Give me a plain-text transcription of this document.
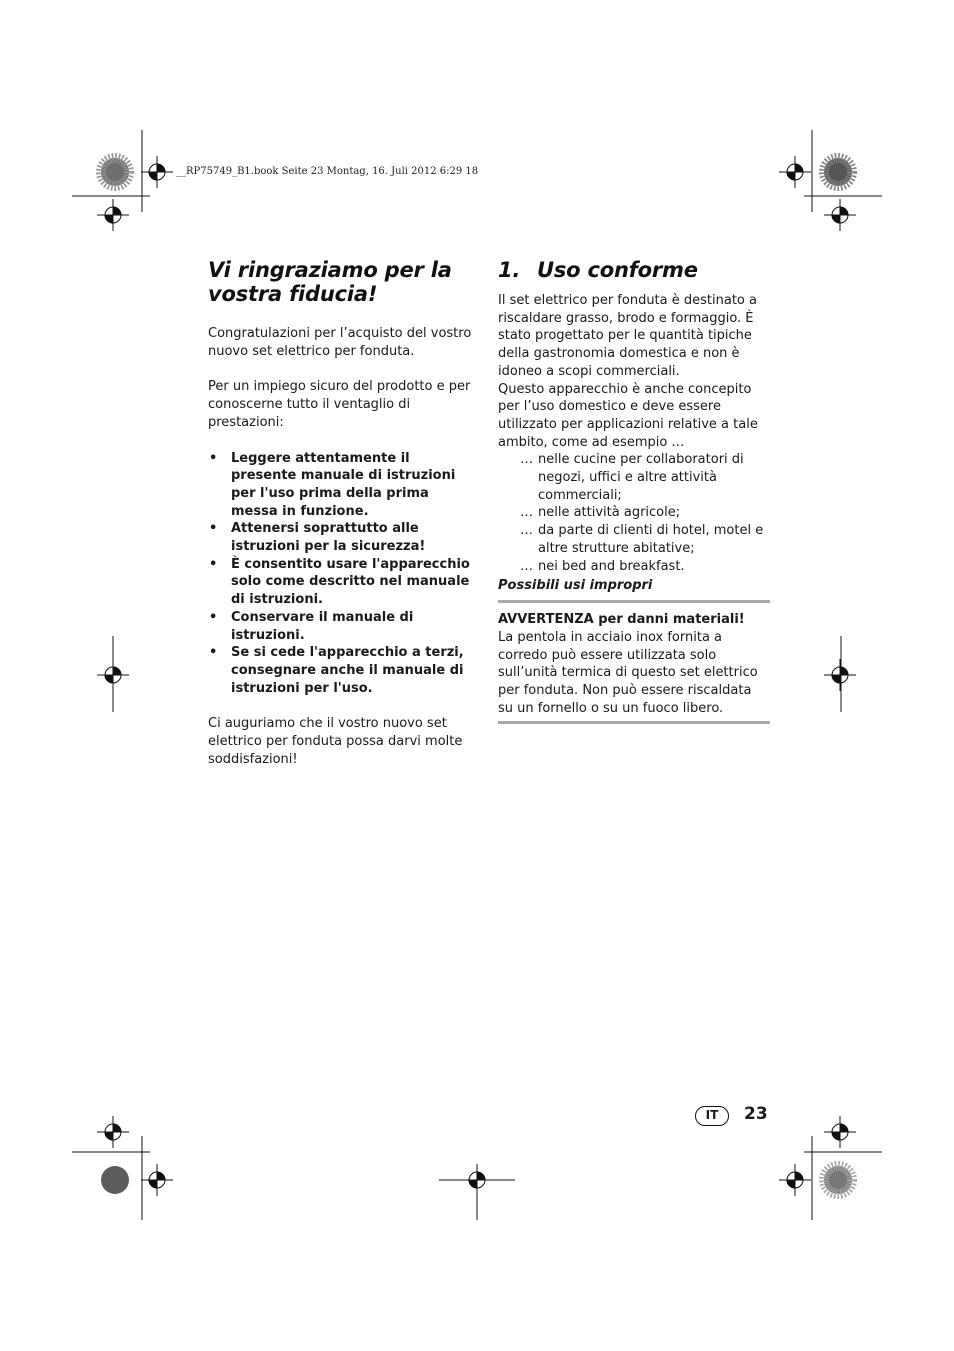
__RP75749_B1.book Seite 23 Montag, 16. Juli 2012 6:29 18
Vi ringraziamo per la vostra fiducia!

Congratulazioni per l’acquisto del vostro nuovo set elettrico per fonduta.

Per un impiego sicuro del prodotto e per conoscerne tutto il ventaglio di prestazioni:

• Leggere attentamente il presente manuale di istruzioni per l'uso prima della prima messa in funzione.
• Attenersi soprattutto alle istruzioni per la sicurezza!
• È consentito usare l'apparecchio solo come descritto nel manuale di istruzioni.
• Conservare il manuale di istruzioni.
• Se si cede l'apparecchio a terzi, consegnare anche il manuale di istruzioni per l'uso.

Ci auguriamo che il vostro nuovo set elettrico per fonduta possa darvi molte soddisfazioni!

1. Uso conforme

Il set elettrico per fonduta è destinato a riscaldare grasso, brodo e formaggio. È stato progettato per le quantità tipiche della gastronomia domestica e non è idoneo a scopi commerciali.

Questo apparecchio è anche concepito per l’uso domestico e deve essere utilizzato per applicazioni relative a tale ambito, come ad esempio …

… nelle cucine per collaboratori di negozi, uffici e altre attività commerciali;
… nelle attività agricole;
… da parte di clienti di hotel, motel e altre strutture abitative;
… nei bed and breakfast.
Possibili usi impropri
AVVERTENZA per danni materiali!

La pentola in acciaio inox fornita a corredo può essere utilizzata solo sull’unità termica di questo set elettrico per fonduta. Non può essere riscaldata su un fornello o su un fuoco libero.

IT	23
